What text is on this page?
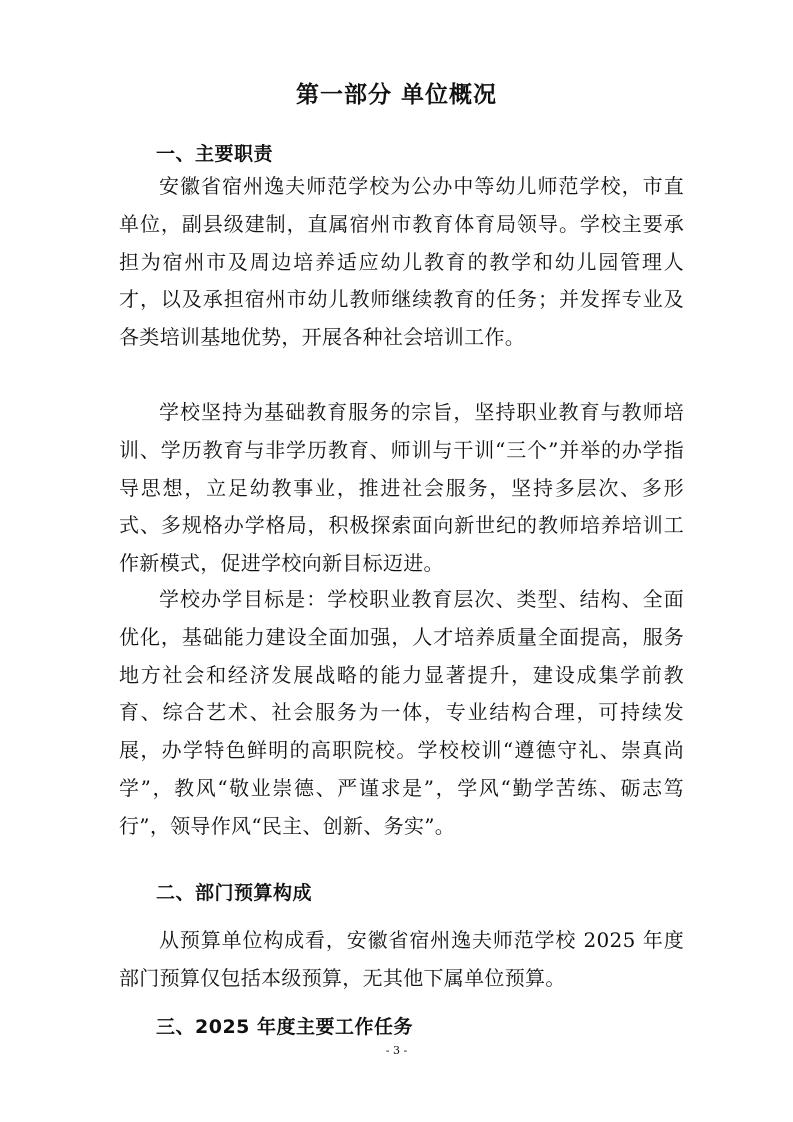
第一部分 单位概况
一、主要职责

安徽省宿州逸夫师范学校为公办中等幼儿师范学校，市直单位，副县级建制，直属宿州市教育体育局领导。学校主要承担为宿州市及周边培养适应幼儿教育的教学和幼儿园管理人才，以及承担宿州市幼儿教师继续教育的任务；并发挥专业及各类培训基地优势，开展各种社会培训工作。

学校坚持为基础教育服务的宗旨，坚持职业教育与教师培训、学历教育与非学历教育、师训与干训“三个”并举的办学指导思想，立足幼教事业，推进社会服务，坚持多层次、多形式、多规格办学格局，积极探索面向新世纪的教师培养培训工作新模式，促进学校向新目标迈进。

学校办学目标是：学校职业教育层次、类型、结构、全面优化，基础能力建设全面加强，人才培养质量全面提高，服务地方社会和经济发展战略的能力显著提升，建设成集学前教育、综合艺术、社会服务为一体，专业结构合理，可持续发展，办学特色鲜明的高职院校。学校校训“遵德守礼、崇真尚学”，教风“敬业崇德、严谨求是”，学风“勤学苦练、砺志笃行”，领导作风“民主、创新、务实”。

二、部门预算构成

从预算单位构成看，安徽省宿州逸夫师范学校 2025 年度部门预算仅包括本级预算，无其他下属单位预算。

三、2025 年度主要工作任务
- 3 -
